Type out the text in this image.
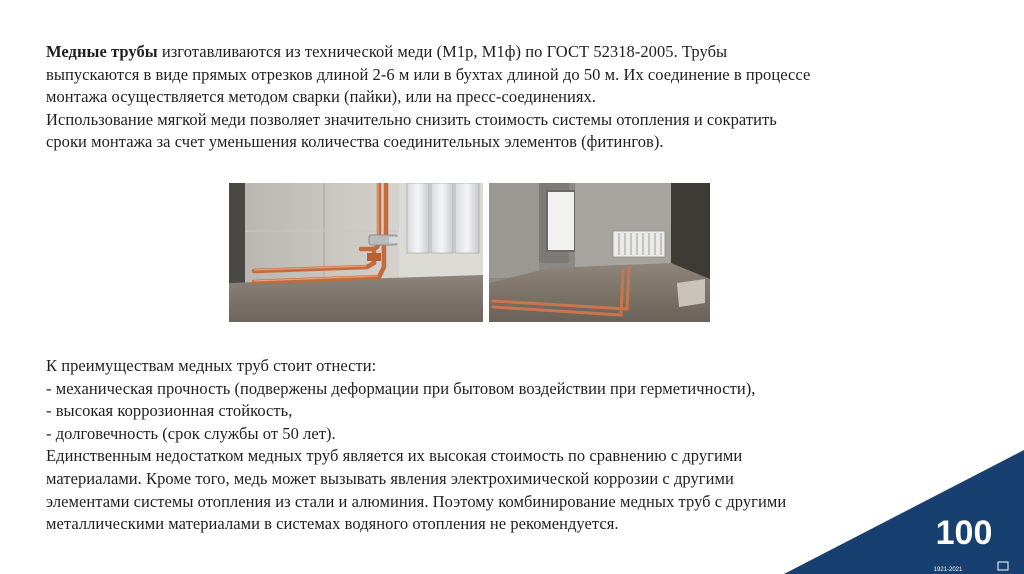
Медные трубы изготавливаются из технической меди (М1р, М1ф) по ГОСТ 52318-2005. Трубы
выпускаются в виде прямых отрезков длиной 2-6 м или в бухтах длиной до 50 м. Их соединение в процессе
монтажа осуществляется методом сварки (пайки), или на пресс-соединениях.
Использование мягкой меди позволяет значительно снизить стоимость системы отопления и сократить
сроки монтажа за счет уменьшения количества соединительных элементов (фитингов).
К преимуществам медных труб стоит отнести:
- механическая прочность (подвержены деформации при бытовом воздействии при герметичности),
- высокая коррозионная стойкость,
- долговечность (срок службы от 50 лет).
Единственным недостатком медных труб является их высокая стоимость по сравнению с другими
материалами. Кроме того, медь может вызывать явления электрохимической коррозии с другими
элементами системы отопления из стали и алюминия. Поэтому комбинирование медных труб с другими
металлическими материалами в системах водяного отопления не рекомендуется.	100
1921-2021
